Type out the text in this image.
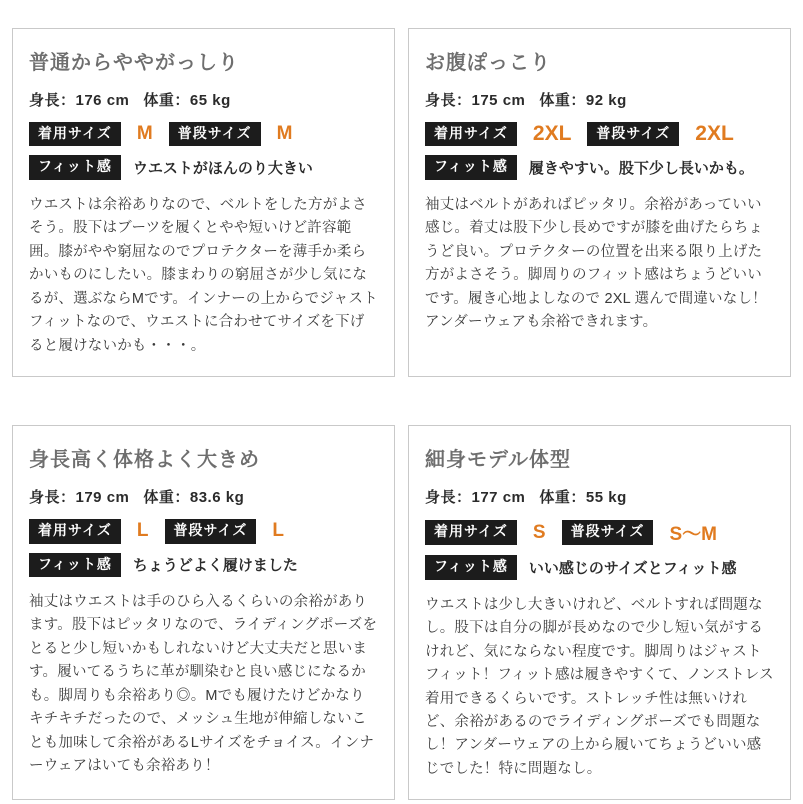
普通からややがっしり
身長：176 cm 体重：65 kg
着用サイズ	M	普段サイズ	M
フィット感	ウエストがほんのり大きい
ウエストは余裕ありなので、ベルトをした方がよさそう。股下はブーツを履くとやや短いけど許容範囲。膝がやや窮屈なのでプロテクターを薄手か柔らかいものにしたい。膝まわりの窮屈さが少し気になるが、選ぶならMです。インナーの上からでジャストフィットなので、ウエストに合わせてサイズを下げると履けないかも・・・。
お腹ぽっこり
身長：175 cm 体重：92 kg
着用サイズ	2XL	普段サイズ	2XL
フィット感	履きやすい。股下少し長いかも。
袖丈はベルトがあればピッタリ。余裕があっていい感じ。着丈は股下少し長めですが膝を曲げたらちょうど良い。プロテクターの位置を出来る限り上げた方がよさそう。脚周りのフィット感はちょうどいいです。履き心地よしなので 2XL 選んで間違いなし！アンダーウェアも余裕できれます。
身長高く体格よく大きめ
身長：179 cm 体重：83.6 kg
着用サイズ	L	普段サイズ	L
フィット感	ちょうどよく履けました
袖丈はウエストは手のひら入るくらいの余裕があります。股下はピッタリなので、ライディングポーズをとると少し短いかもしれないけど大丈夫だと思います。履いてるうちに革が馴染むと良い感じになるかも。脚周りも余裕あり◎。Mでも履けたけどかなりキチキチだったので、メッシュ生地が伸縮しないことも加味して余裕があるLサイズをチョイス。インナーウェアはいても余裕あり！
細身モデル体型
身長：177 cm 体重：55 kg
着用サイズ	S	普段サイズ	S～M
フィット感	いい感じのサイズとフィット感
ウエストは少し大きいけれど、ベルトすれば問題なし。股下は自分の脚が長めなので少し短い気がするけれど、気にならない程度です。脚周りはジャストフィット！フィット感は履きやすくて、ノンストレス着用できるくらいです。ストレッチ性は無いけれど、余裕があるのでライディングポーズでも問題なし！アンダーウェアの上から履いてちょうどいい感じでした！特に問題なし。
